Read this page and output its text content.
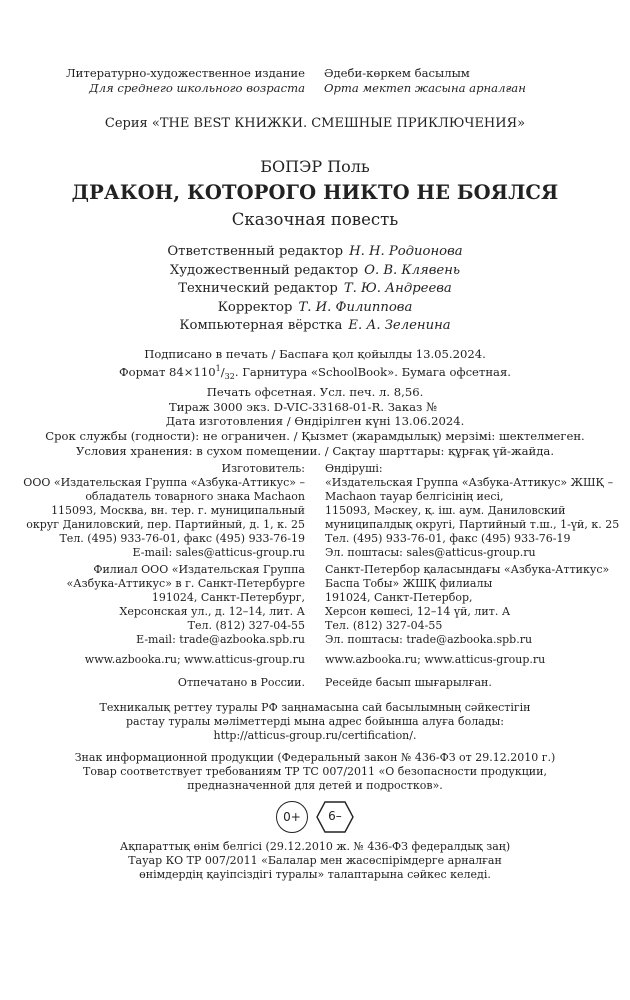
Литературно-художественное издание
Для среднего школьного возраста
Әдеби-көркем басылым
Орта мектеп жасына арналған
Серия «THE BEST КНИЖКИ. СМЕШНЫЕ ПРИКЛЮЧЕНИЯ»
БОПЭР Поль
ДРАКОН, КОТОРОГО НИКТО НЕ БОЯЛСЯ
Сказочная повесть
Ответственный редактор Н. Н. Родионова
Художественный редактор О. В. Клявень
Технический редактор Т. Ю. Андреева
Корректор Т. И. Филиппова
Компьютерная вёрстка Е. А. Зеленина
Подписано в печать / Баспаға қол қойылды 13.05.2024.
Формат $84\times 110^1/_{32}$. Гарнитура «SchoolBook». Бумага офсетная.
Печать офсетная. Усл. печ. л. 8,56.
Тираж 3000 экз. D-VIC-33168-01-R. Заказ №
Дата изготовления / Өндірілген күні 13.06.2024.
Срок службы (годности): не ограничен. / Қызмет (жарамдылық) мерзімі: шектелмеген.
Условия хранения: в сухом помещении. / Сақтау шарттары: құрғақ үй-жайда.
Изготовитель:
ООО «Издательская Группа «Азбука-Аттикус» –
обладатель товарного знака Machaon
115093, Москва, вн. тер. г. муниципальный
округ Даниловский, пер. Партийный, д. 1, к. 25
Тел. (495) 933-76-01, факс (495) 933-76-19
E-mail: sales@atticus-group.ru
Өндіруші:
«Издательская Группа «Азбука-Аттикус» ЖШҚ –
Machaon тауар белгісінің иесі,
115093, Мәскеу, қ. іш. аум. Даниловский
муниципалдық округі, Партийный т.ш., 1-үй, к. 25
Тел. (495) 933-76-01, факс (495) 933-76-19
Эл. поштасы: sales@atticus-group.ru
Филиал ООО «Издательская Группа
«Азбука-Аттикус» в г. Санкт-Петербурге
191024, Санкт-Петербург,
Херсонская ул., д. 12–14, лит. А
Тел. (812) 327-04-55
E-mail: trade@azbooka.spb.ru
Санкт-Петербор қаласындағы «Азбука-Аттикус»
Баспа Тобы» ЖШҚ филиалы
191024, Санкт-Петербор,
Херсон көшесі, 12–14 үй, лит. А
Тел. (812) 327-04-55
Эл. поштасы: trade@azbooka.spb.ru
www.azbooka.ru; www.atticus-group.ru www.azbooka.ru; www.atticus-group.ru
Отпечатано в России. Ресейде басып шығарылған.
Техникалық реттеу туралы РФ заңнамасына сай басылымның сәйкестігін
растау туралы мәліметтерді мына адрес бойынша алуға болады:
http://atticus-group.ru/certification/.
Знак информационной продукции (Федеральный закон № 436-ФЗ от 29.12.2010 г.)
Товар соответствует требованиям ТР ТС 007/2011 «О безопасности продукции,
предназначенной для детей и подростков».
0+	6–
Ақпараттық өнім белгісі (29.12.2010 ж. № 436-ФЗ федералдық заң)
Тауар КО ТР 007/2011 «Балалар мен жасөспірімдерге арналған
өнімдердің қауіпсіздігі туралы» талаптарына сәйкес келеді.
